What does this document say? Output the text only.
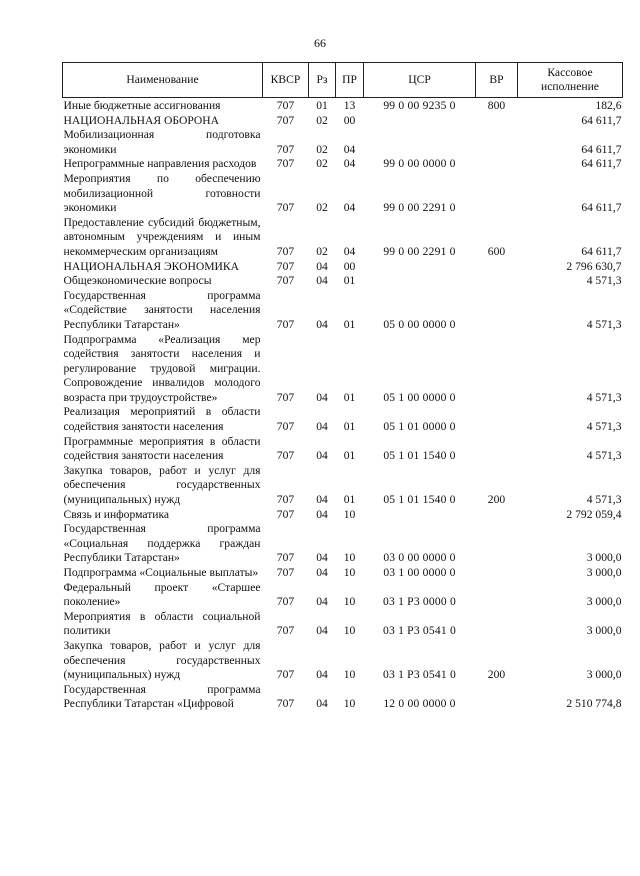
66
Наименование	КВСР	Рз	ПР	ЦСР	ВР	Кассовое исполнение
Иные бюджетные ассигнования	707	01	13	99 0 00 9235 0	800	182,6
НАЦИОНАЛЬНАЯ ОБОРОНА	707	02	00			64 611,7
Мобилизационная подготовка экономики	707	02	04			64 611,7
Непрограммные направления расходов	707	02	04	99 0 00 0000 0		64 611,7
Мероприятия по обеспечению мобилизационной готовности экономики	707	02	04	99 0 00 2291 0		64 611,7
Предоставление субсидий бюджетным, автономным учреждениям и иным некоммерческим организациям	707	02	04	99 0 00 2291 0	600	64 611,7
НАЦИОНАЛЬНАЯ ЭКОНОМИКА	707	04	00			2 796 630,7
Общеэкономические вопросы	707	04	01			4 571,3
Государственная программа «Содействие занятости населения Республики Татарстан»	707	04	01	05 0 00 0000 0		4 571,3
Подпрограмма «Реализация мер содействия занятости населения и регулирование трудовой миграции. Сопровождение инвалидов молодого возраста при трудоустройстве»	707	04	01	05 1 00 0000 0		4 571,3
Реализация мероприятий в области содействия занятости населения	707	04	01	05 1 01 0000 0		4 571,3
Программные мероприятия в области содействия занятости населения	707	04	01	05 1 01 1540 0		4 571,3
Закупка товаров, работ и услуг для обеспечения государственных (муниципальных) нужд	707	04	01	05 1 01 1540 0	200	4 571,3
Связь и информатика	707	04	10			2 792 059,4
Государственная программа «Социальная поддержка граждан Республики Татарстан»	707	04	10	03 0 00 0000 0		3 000,0
Подпрограмма «Социальные выплаты»	707	04	10	03 1 00 0000 0		3 000,0
Федеральный проект «Старшее поколение»	707	04	10	03 1 P3 0000 0		3 000,0
Мероприятия в области социальной политики	707	04	10	03 1 P3 0541 0		3 000,0
Закупка товаров, работ и услуг для обеспечения государственных (муниципальных) нужд	707	04	10	03 1 P3 0541 0	200	3 000,0
Государственная программа Республики Татарстан «Цифровой	707	04	10	12 0 00 0000 0		2 510 774,8
